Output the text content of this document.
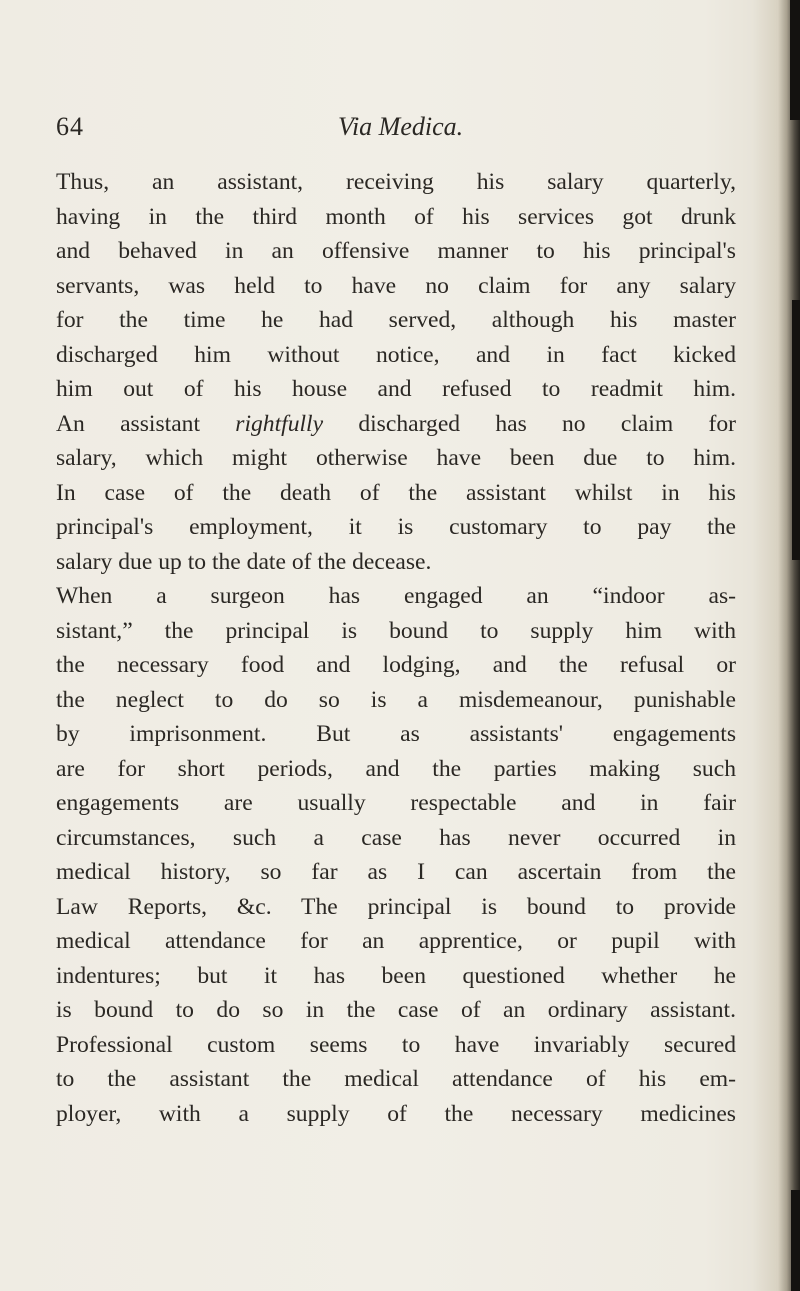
64	Via Medica.
Thus, an assistant, receiving his salary quarterly,
having in the third month of his services got drunk
and behaved in an offensive manner to his principal's
servants, was held to have no claim for any salary
for the time he had served, although his master
discharged him without notice, and in fact kicked
him out of his house and refused to readmit him.
An assistant rightfully discharged has no claim for
salary, which might otherwise have been due to him.
In case of the death of the assistant whilst in his
principal's employment, it is customary to pay the
salary due up to the date of the decease.
When a surgeon has engaged an “indoor as-
sistant,” the principal is bound to supply him with
the necessary food and lodging, and the refusal or
the neglect to do so is a misdemeanour, punishable
by imprisonment. But as assistants' engagements
are for short periods, and the parties making such
engagements are usually respectable and in fair
circumstances, such a case has never occurred in
medical history, so far as I can ascertain from the
Law Reports, &c. The principal is bound to provide
medical attendance for an apprentice, or pupil with
indentures; but it has been questioned whether he
is bound to do so in the case of an ordinary assistant.
Professional custom seems to have invariably secured
to the assistant the medical attendance of his em-
ployer, with a supply of the necessary medicines
